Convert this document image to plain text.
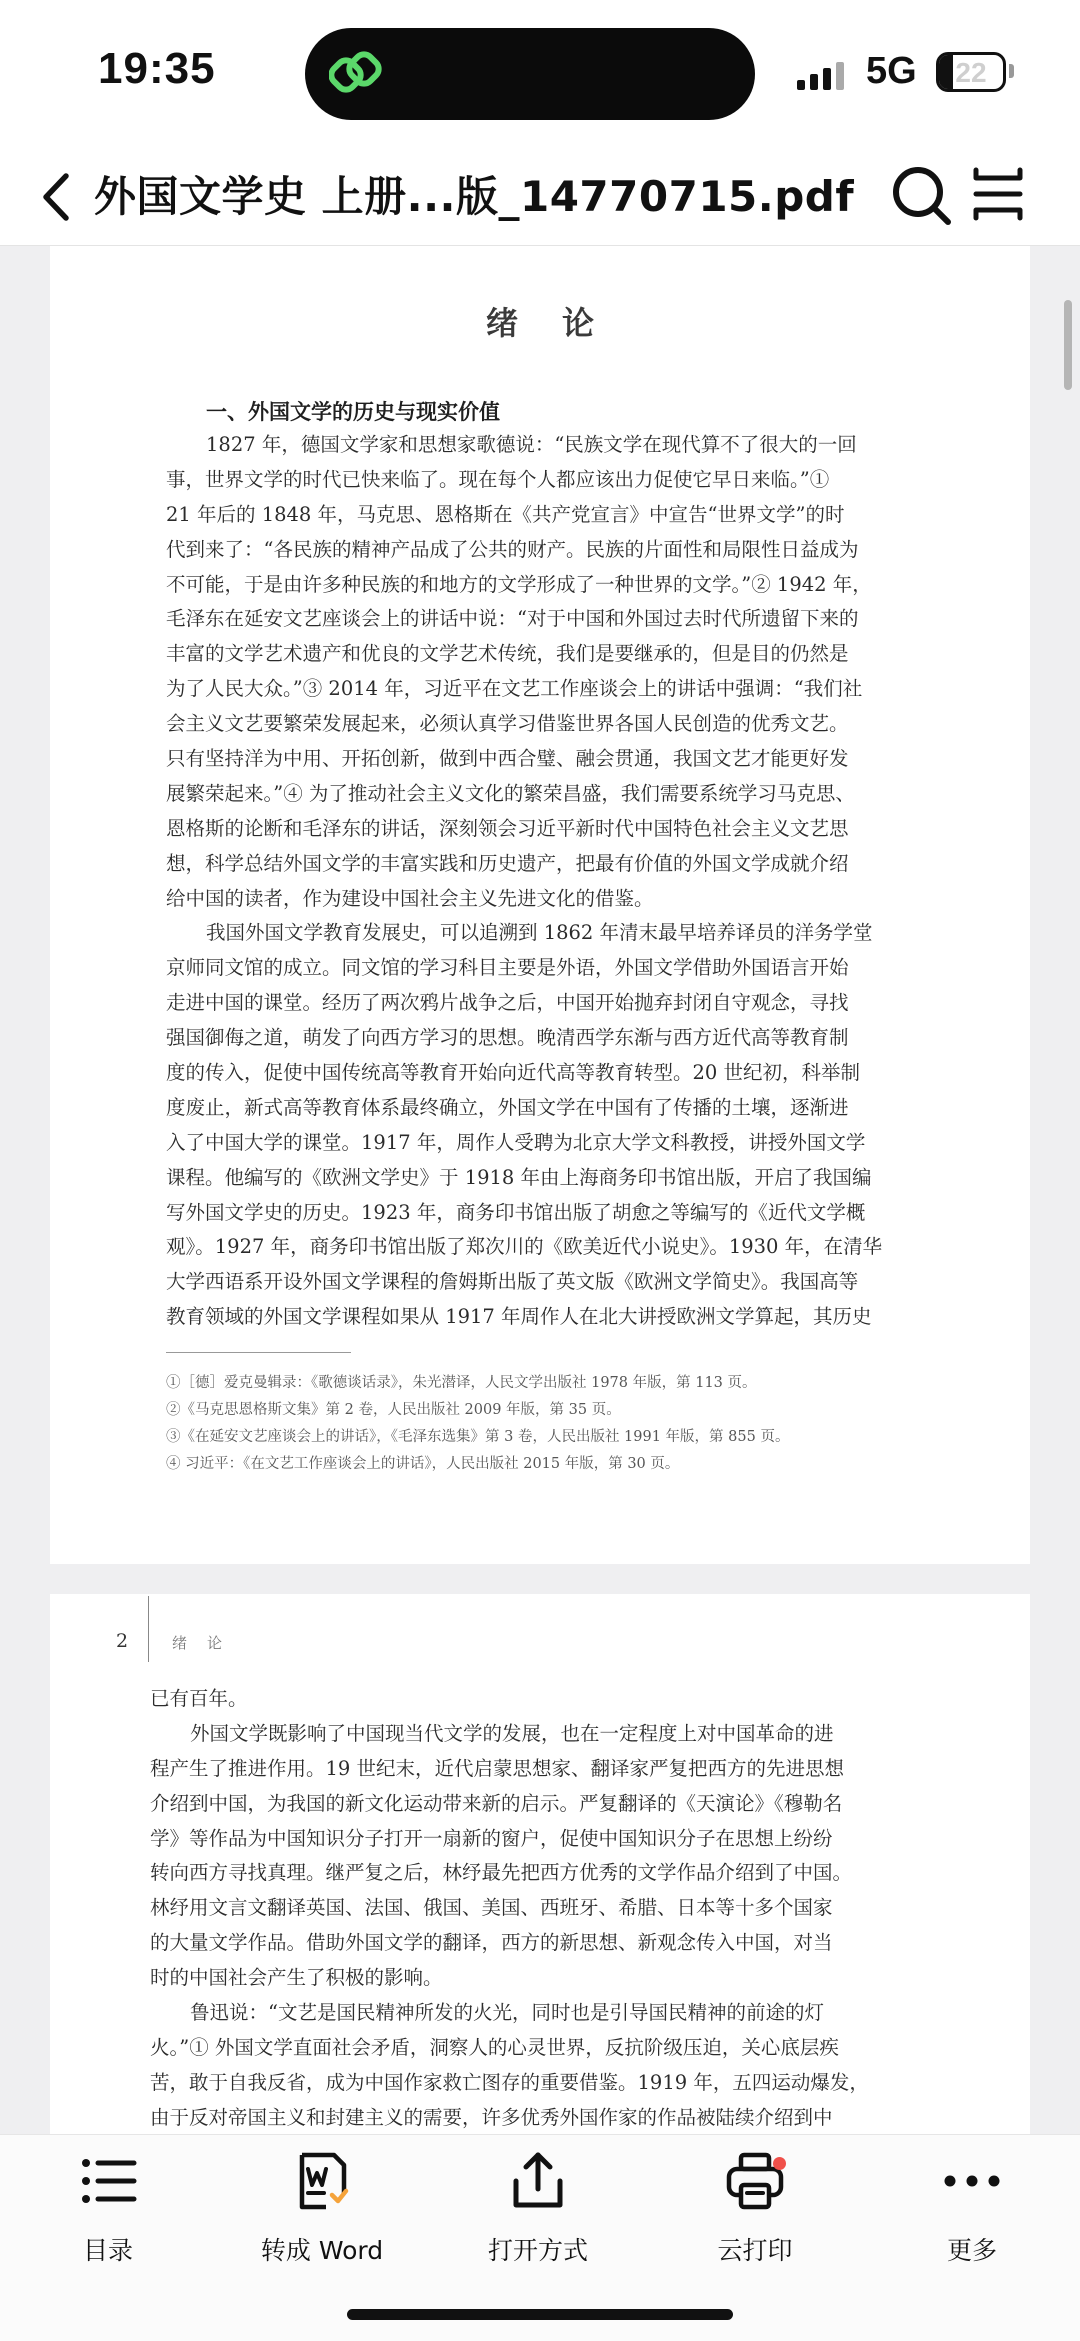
19:35	5G	22
外国文学史 上册...版_14770715.pdf
绪论
一、外国文学的历史与现实价值
1827 年，德国文学家和思想家歌德说：“民族文学在现代算不了很大的一回
事，世界文学的时代已快来临了。现在每个人都应该出力促使它早日来临。”①
21 年后的 1848 年，马克思、恩格斯在《共产党宣言》中宣告“世界文学”的时
代到来了：“各民族的精神产品成了公共的财产。民族的片面性和局限性日益成为
不可能，于是由许多种民族的和地方的文学形成了一种世界的文学。”② 1942 年，
毛泽东在延安文艺座谈会上的讲话中说：“对于中国和外国过去时代所遗留下来的
丰富的文学艺术遗产和优良的文学艺术传统，我们是要继承的，但是目的仍然是
为了人民大众。”③ 2014 年，习近平在文艺工作座谈会上的讲话中强调：“我们社
会主义文艺要繁荣发展起来，必须认真学习借鉴世界各国人民创造的优秀文艺。
只有坚持洋为中用、开拓创新，做到中西合璧、融会贯通，我国文艺才能更好发
展繁荣起来。”④ 为了推动社会主义文化的繁荣昌盛，我们需要系统学习马克思、
恩格斯的论断和毛泽东的讲话，深刻领会习近平新时代中国特色社会主义文艺思
想，科学总结外国文学的丰富实践和历史遗产，把最有价值的外国文学成就介绍
给中国的读者，作为建设中国社会主义先进文化的借鉴。
我国外国文学教育发展史，可以追溯到 1862 年清末最早培养译员的洋务学堂
京师同文馆的成立。同文馆的学习科目主要是外语，外国文学借助外国语言开始
走进中国的课堂。经历了两次鸦片战争之后，中国开始抛弃封闭自守观念，寻找
强国御侮之道，萌发了向西方学习的思想。晚清西学东渐与西方近代高等教育制
度的传入，促使中国传统高等教育开始向近代高等教育转型。20 世纪初，科举制
度废止，新式高等教育体系最终确立，外国文学在中国有了传播的土壤，逐渐进
入了中国大学的课堂。1917 年，周作人受聘为北京大学文科教授，讲授外国文学
课程。他编写的《欧洲文学史》于 1918 年由上海商务印书馆出版，开启了我国编
写外国文学史的历史。1923 年，商务印书馆出版了胡愈之等编写的《近代文学概
观》。1927 年，商务印书馆出版了郑次川的《欧美近代小说史》。1930 年，在清华
大学西语系开设外国文学课程的詹姆斯出版了英文版《欧洲文学简史》。我国高等
教育领域的外国文学课程如果从 1917 年周作人在北大讲授欧洲文学算起，其历史
①［德］爱克曼辑录：《歌德谈话录》，朱光潜译，人民文学出版社 1978 年版，第 113 页。
②《马克思恩格斯文集》第 2 卷，人民出版社 2009 年版，第 35 页。
③《在延安文艺座谈会上的讲话》，《毛泽东选集》第 3 卷，人民出版社 1991 年版，第 855 页。
④ 习近平：《在文艺工作座谈会上的讲话》，人民出版社 2015 年版，第 30 页。
2	绪论
已有百年。
外国文学既影响了中国现当代文学的发展，也在一定程度上对中国革命的进
程产生了推进作用。19 世纪末，近代启蒙思想家、翻译家严复把西方的先进思想
介绍到中国，为我国的新文化运动带来新的启示。严复翻译的《天演论》《穆勒名
学》等作品为中国知识分子打开一扇新的窗户，促使中国知识分子在思想上纷纷
转向西方寻找真理。继严复之后，林纾最先把西方优秀的文学作品介绍到了中国。
林纾用文言文翻译英国、法国、俄国、美国、西班牙、希腊、日本等十多个国家
的大量文学作品。借助外国文学的翻译，西方的新思想、新观念传入中国，对当
时的中国社会产生了积极的影响。
鲁迅说：“文艺是国民精神所发的火光，同时也是引导国民精神的前途的灯
火。”① 外国文学直面社会矛盾，洞察人的心灵世界，反抗阶级压迫，关心底层疾
苦，敢于自我反省，成为中国作家救亡图存的重要借鉴。1919 年，五四运动爆发，
由于反对帝国主义和封建主义的需要，许多优秀外国作家的作品被陆续介绍到中
目录	转成 Word	打开方式	云打印	更多
